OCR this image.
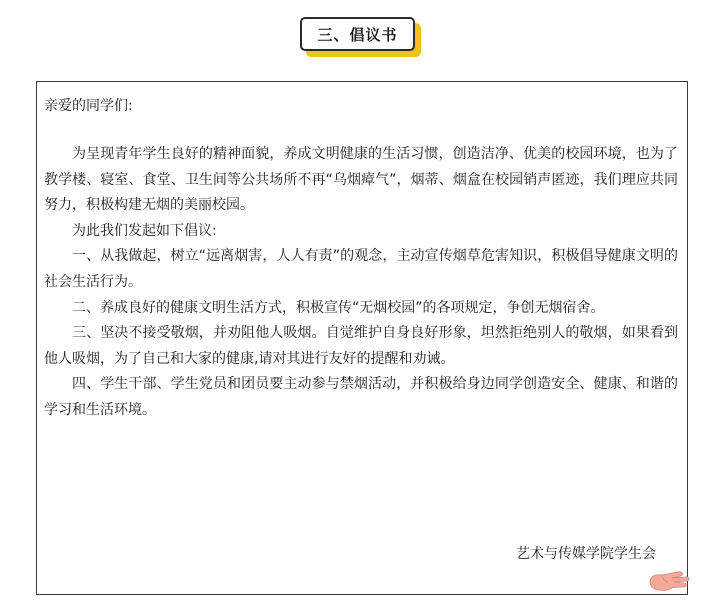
三、倡议书
亲爱的同学们:

为呈现青年学生良好的精神面貌，养成文明健康的生活习惯，创造洁净、优美的校园环境，也为了教学楼、寝室、食堂、卫生间等公共场所不再“乌烟瘴气”，烟蒂、烟盒在校园销声匿迹，我们理应共同努力，积极构建无烟的美丽校园。

为此我们发起如下倡议:

一、从我做起，树立“远离烟害，人人有责”的观念，主动宣传烟草危害知识，积极倡导健康文明的社会生活行为。

二、养成良好的健康文明生活方式，积极宣传“无烟校园”的各项规定，争创无烟宿舍。

三、坚决不接受敬烟，并劝阻他人吸烟。自觉维护自身良好形象，坦然拒绝别人的敬烟，如果看到他人吸烟，为了自己和大家的健康,请对其进行友好的提醒和劝诫。

四、学生干部、学生党员和团员要主动参与禁烟活动，并积极给身边同学创造安全、健康、和谐的学习和生活环境。

艺术与传媒学院学生会
